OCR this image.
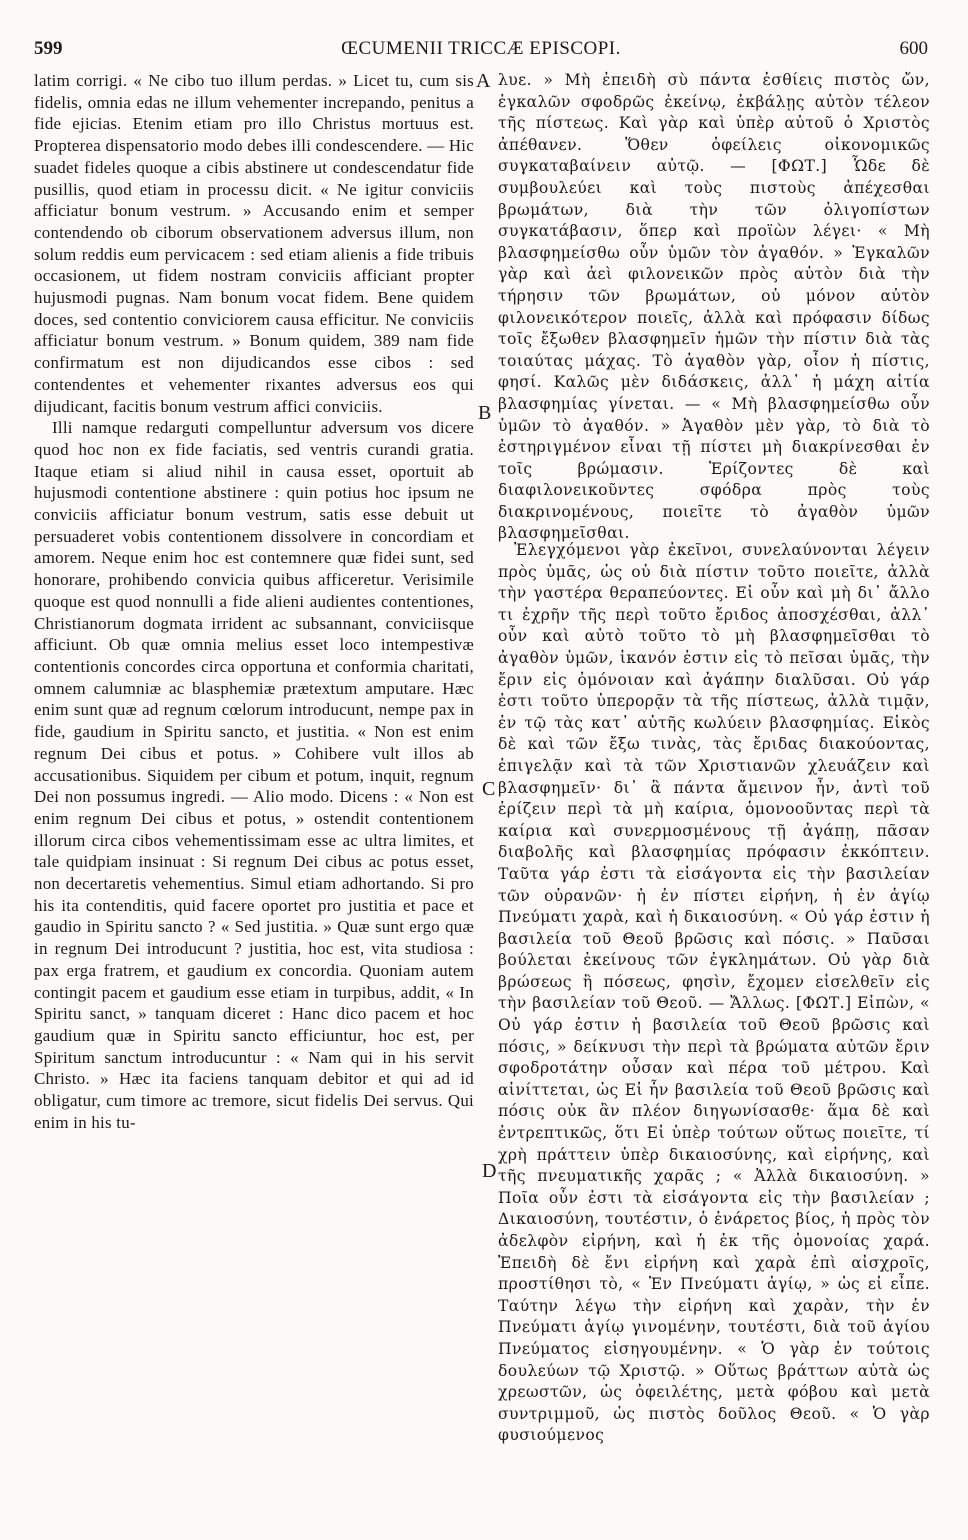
599	ŒCUMENII TRICCÆ EPISCOPI.	600

latim corrigi. « Ne cibo tuo illum perdas. » Licet tu, cum sis fidelis, omnia edas ne illum vehementer increpando, penitus a fide ejicias. Etenim etiam pro illo Christus mortuus est. Propterea dispensatorio modo debes illi condescendere. — Hic suadet fideles quoque a cibis abstinere ut condescendatur fide pusillis, quod etiam in processu dicit. « Ne igitur conviciis afficiatur bonum vestrum. » Accusando enim et semper contendendo ob ciborum observationem adversus illum, non solum reddis eum pervicacem : sed etiam alienis a fide tribuis occasionem, ut fidem nostram conviciis afficiant propter hujusmodi pugnas. Nam bonum vocat fidem. Bene quidem doces, sed contentio conviciorem causa efficitur. Ne conviciis afficiatur bonum vestrum. » Bonum quidem, 389 nam fide confirmatum est non dijudicandos esse cibos : sed contendentes et vehementer rixantes adversus eos qui dijudicant, facitis bonum vestrum affici conviciis.

Illi namque redarguti compelluntur adversum vos dicere quod hoc non ex fide faciatis, sed ventris curandi gratia. Itaque etiam si aliud nihil in causa esset, oportuit ab hujusmodi contentione abstinere : quin potius hoc ipsum ne conviciis afficiatur bonum vestrum, satis esse debuit ut persuaderet vobis contentionem dissolvere in concordiam et amorem. Neque enim hoc est contemnere quæ fidei sunt, sed honorare, prohibendo convicia quibus afficeretur. Verisimile quoque est quod nonnulli a fide alieni audientes contentiones, Christianorum dogmata irrident ac subsannant, conviciisque afficiunt. Ob quæ omnia melius esset loco intempestivæ contentionis concordes circa opportuna et conformia charitati, omnem calumniæ ac blasphemiæ prætextum amputare. Hæc enim sunt quæ ad regnum cœlorum introducunt, nempe pax in fide, gaudium in Spiritu sancto, et justitia. « Non est enim regnum Dei cibus et potus. » Cohibere vult illos ab accusationibus. Siquidem per cibum et potum, inquit, regnum Dei non possumus ingredi. — Alio modo. Dicens : « Non est enim regnum Dei cibus et potus, » ostendit contentionem illorum circa cibos vehementissimam esse ac ultra limites, et tale quidpiam insinuat : Si regnum Dei cibus ac potus esset, non decertaretis vehementius. Simul etiam adhortando. Si pro his ita contenditis, quid facere oportet pro justitia et pace et gaudio in Spiritu sancto ? « Sed justitia. » Quæ sunt ergo quæ in regnum Dei introducunt ? justitia, hoc est, vita studiosa : pax erga fratrem, et gaudium ex concordia. Quoniam autem contingit pacem et gaudium esse etiam in turpibus, addit, « In Spiritu sanct, » tanquam diceret : Hanc dico pacem et hoc gaudium quæ in Spiritu sancto efficiuntur, hoc est, per Spiritum sanctum introducuntur : « Nam qui in his servit Christo. » Hæc ita faciens tanquam debitor et qui ad id obligatur, cum timore ac tremore, sicut fidelis Dei servus. Qui enim in his tu-

A
B
C
D

λυε. » Μὴ ἐπειδὴ σὺ πάντα ἐσθίεις πιστὸς ὤν, ἐγκαλῶν σφοδρῶς ἐκείνῳ, ἐκβάλῃς αὐτὸν τέλεον τῆς πίστεως. Καὶ γὰρ καὶ ὑπὲρ αὐτοῦ ὁ Χριστὸς ἀπέθανεν. Ὅθεν ὀφείλεις οἰκονομικῶς συγκαταβαίνειν αὐτῷ. — [ΦΩΤ.] Ὧδε δὲ συμβουλεύει καὶ τοὺς πιστοὺς ἀπέχεσθαι βρωμάτων, διὰ τὴν τῶν ὀλιγοπίστων συγκατάβασιν, ὅπερ καὶ προϊὼν λέγει· « Μὴ βλασφημείσθω οὖν ὑμῶν τὸν ἀγαθόν. » Ἐγκαλῶν γὰρ καὶ ἀεὶ φιλονεικῶν πρὸς αὐτὸν διὰ τὴν τήρησιν τῶν βρωμάτων, οὐ μόνον αὐτὸν φιλονεικότερον ποιεῖς, ἀλλὰ καὶ πρόφασιν δίδως τοῖς ἔξωθεν βλασφημεῖν ἡμῶν τὴν πίστιν διὰ τὰς τοιαύτας μάχας. Τὸ ἀγαθὸν γὰρ, οἷον ἡ πίστις, φησί. Καλῶς μὲν διδάσκεις, ἀλλ᾽ ἡ μάχη αἰτία βλασφημίας γίνεται. — « Μὴ βλασφημείσθω οὖν ὑμῶν τὸ ἀγαθόν. » Ἀγαθὸν μὲν γὰρ, τὸ διὰ τὸ ἐστηριγμένον εἶναι τῇ πίστει μὴ διακρίνεσθαι ἐν τοῖς βρώμασιν. Ἐρίζοντες δὲ καὶ διαφιλονεικοῦντες σφόδρα πρὸς τοὺς διακρινομένους, ποιεῖτε τὸ ἀγαθὸν ὑμῶν βλασφημεῖσθαι.

Ἐλεγχόμενοι γὰρ ἐκεῖνοι, συνελαύνονται λέγειν πρὸς ὑμᾶς, ὡς οὐ διὰ πίστιν τοῦτο ποιεῖτε, ἀλλὰ τὴν γαστέρα θεραπεύοντες. Εἰ οὖν καὶ μὴ δι᾽ ἄλλο τι ἐχρῆν τῆς περὶ τοῦτο ἔριδος ἀποσχέσθαι, ἀλλ᾽ οὖν καὶ αὐτὸ τοῦτο τὸ μὴ βλασφημεῖσθαι τὸ ἀγαθὸν ὑμῶν, ἱκανόν ἐστιν εἰς τὸ πεῖσαι ὑμᾶς, τὴν ἔριν εἰς ὁμόνοιαν καὶ ἀγάπην διαλῦσαι. Οὐ γάρ ἐστι τοῦτο ὑπερορᾷν τὰ τῆς πίστεως, ἀλλὰ τιμᾷν, ἐν τῷ τὰς κατ᾽ αὐτῆς κωλύειν βλασφημίας. Εἰκὸς δὲ καὶ τῶν ἔξω τινὰς, τὰς ἔριδας διακούοντας, ἐπιγελᾷν καὶ τὰ τῶν Χριστιανῶν χλευάζειν καὶ βλασφημεῖν· δι᾽ ἃ πάντα ἄμεινον ἦν, ἀντὶ τοῦ ἐρίζειν περὶ τὰ μὴ καίρια, ὁμονοοῦντας περὶ τὰ καίρια καὶ συνερμοσμένους τῇ ἀγάπῃ, πᾶσαν διαβολῆς καὶ βλασφημίας πρόφασιν ἐκκόπτειν. Ταῦτα γάρ ἐστι τὰ εἰσάγοντα εἰς τὴν βασιλείαν τῶν οὐρανῶν· ἡ ἐν πίστει εἰρήνη, ἡ ἐν ἁγίῳ Πνεύματι χαρὰ, καὶ ἡ δικαιοσύνη. « Οὐ γάρ ἐστιν ἡ βασιλεία τοῦ Θεοῦ βρῶσις καὶ πόσις. » Παῦσαι βούλεται ἐκείνους τῶν ἐγκλημάτων. Οὐ γὰρ διὰ βρώσεως ἢ πόσεως, φησὶν, ἔχομεν εἰσελθεῖν εἰς τὴν βασιλείαν τοῦ Θεοῦ. — Ἄλλως. [ΦΩΤ.] Εἰπὼν, « Οὐ γάρ ἐστιν ἡ βασιλεία τοῦ Θεοῦ βρῶσις καὶ πόσις, » δείκνυσι τὴν περὶ τὰ βρώματα αὐτῶν ἔριν σφοδροτάτην οὖσαν καὶ πέρα τοῦ μέτρου. Καὶ αἰνίττεται, ὡς Εἰ ἦν βασιλεία τοῦ Θεοῦ βρῶσις καὶ πόσις οὐκ ἂν πλέον διηγωνίσασθε· ἅμα δὲ καὶ ἐντρεπτικῶς, ὅτι Εἰ ὑπὲρ τούτων οὕτως ποιεῖτε, τί χρὴ πράττειν ὑπὲρ δικαιοσύνης, καὶ εἰρήνης, καὶ τῆς πνευματικῆς χαρᾶς ; « Ἀλλὰ δικαιοσύνη. » Ποῖα οὖν ἐστι τὰ εἰσάγοντα εἰς τὴν βασιλείαν ; Δικαιοσύνη, τουτέστιν, ὁ ἐνάρετος βίος, ἡ πρὸς τὸν ἀδελφὸν εἰρήνη, καὶ ἡ ἐκ τῆς ὁμονοίας χαρά. Ἐπειδὴ δὲ ἔνι εἰρήνη καὶ χαρὰ ἐπὶ αἰσχροῖς, προστίθησι τὸ, « Ἐν Πνεύματι ἁγίῳ, » ὡς εἰ εἶπε. Ταύτην λέγω τὴν εἰρήνη καὶ χαρὰν, τὴν ἐν Πνεύματι ἁγίῳ γινομένην, τουτέστι, διὰ τοῦ ἁγίου Πνεύματος εἰσηγουμένην. « Ὁ γὰρ ἐν τούτοις δουλεύων τῷ Χριστῷ. » Οὕτως βράττων αὐτὰ ὡς χρεωστῶν, ὡς ὀφειλέτης, μετὰ φόβου καὶ μετὰ συντριμμοῦ, ὡς πιστὸς δοῦλος Θεοῦ. « Ὁ γὰρ φυσιούμενος
